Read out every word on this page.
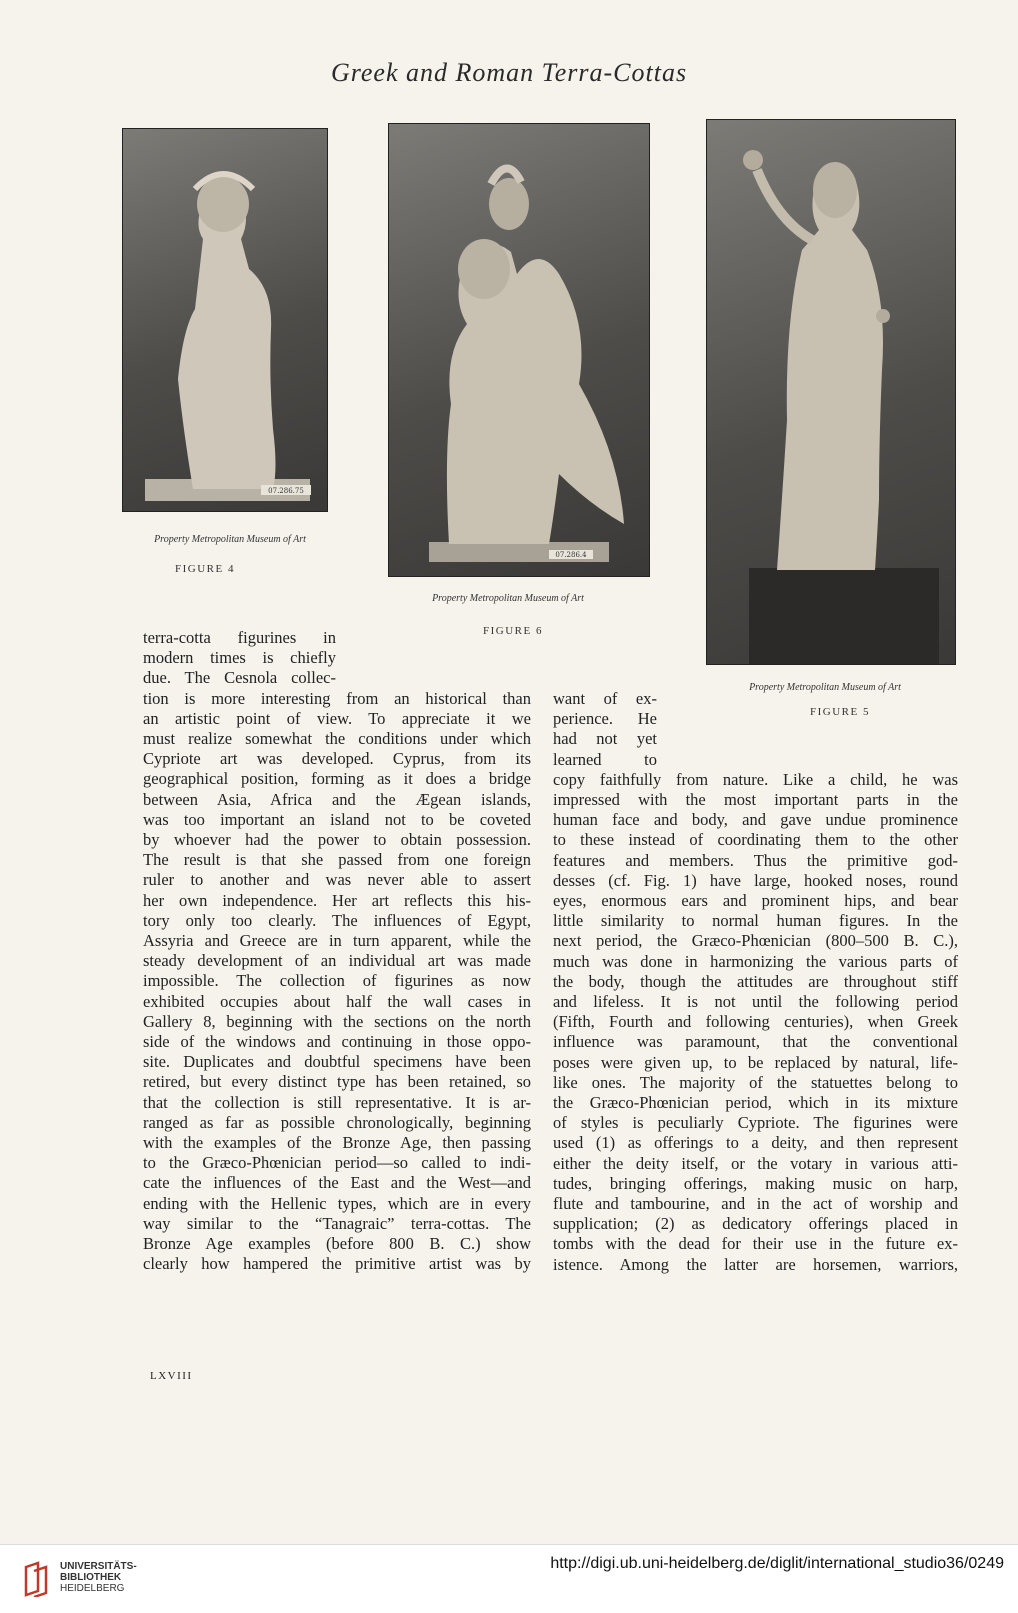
Greek and Roman Terra-Cottas
07.286.75
Property Metropolitan Museum of Art
FIGURE 4
07.286.4
Property Metropolitan Museum of Art
FIGURE 6
Property Metropolitan Museum of Art
FIGURE 5
terra-cotta figurines in
modern times is chiefly
due. The Cesnola collec-
tion is more interesting from an historical than
an artistic point of view. To appreciate it we
must realize somewhat the conditions under which
Cypriote art was developed. Cyprus, from its
geographical position, forming as it does a bridge
between Asia, Africa and the Ægean islands,
was too important an island not to be coveted
by whoever had the power to obtain possession.
The result is that she passed from one foreign
ruler to another and was never able to assert
her own independence. Her art reflects this his-
tory only too clearly. The influences of Egypt,
Assyria and Greece are in turn apparent, while the
steady development of an individual art was made
impossible. The collection of figurines as now
exhibited occupies about half the wall cases in
Gallery 8, beginning with the sections on the north
side of the windows and continuing in those oppo-
site. Duplicates and doubtful specimens have been
retired, but every distinct type has been retained, so
that the collection is still representative. It is ar-
ranged as far as possible chronologically, beginning
with the examples of the Bronze Age, then passing
to the Græco-Phœnician period—so called to indi-
cate the influences of the East and the West—and
ending with the Hellenic types, which are in every
way similar to the “Tanagraic” terra-cottas. The
Bronze Age examples (before 800 B. C.) show
clearly how hampered the primitive artist was by
want of ex-
perience. He
had not yet
learned to
copy faithfully from nature. Like a child, he was
impressed with the most important parts in the
human face and body, and gave undue prominence
to these instead of coordinating them to the other
features and members. Thus the primitive god-
desses (cf. Fig. 1) have large, hooked noses, round
eyes, enormous ears and prominent hips, and bear
little similarity to normal human figures. In the
next period, the Græco-Phœnician (800–500 B. C.),
much was done in harmonizing the various parts of
the body, though the attitudes are throughout stiff
and lifeless. It is not until the following period
(Fifth, Fourth and following centuries), when Greek
influence was paramount, that the conventional
poses were given up, to be replaced by natural, life-
like ones. The majority of the statuettes belong to
the Græco-Phœnician period, which in its mixture
of styles is peculiarly Cypriote. The figurines were
used (1) as offerings to a deity, and then represent
either the deity itself, or the votary in various atti-
tudes, bringing offerings, making music on harp,
flute and tambourine, and in the act of worship and
supplication; (2) as dedicatory offerings placed in
tombs with the dead for their use in the future ex-
istence. Among the latter are horsemen, warriors,
LXVIII
UNIVERSITÄTS-
BIBLIOTHEK
HEIDELBERG
http://digi.ub.uni-heidelberg.de/diglit/international_studio36/0249
